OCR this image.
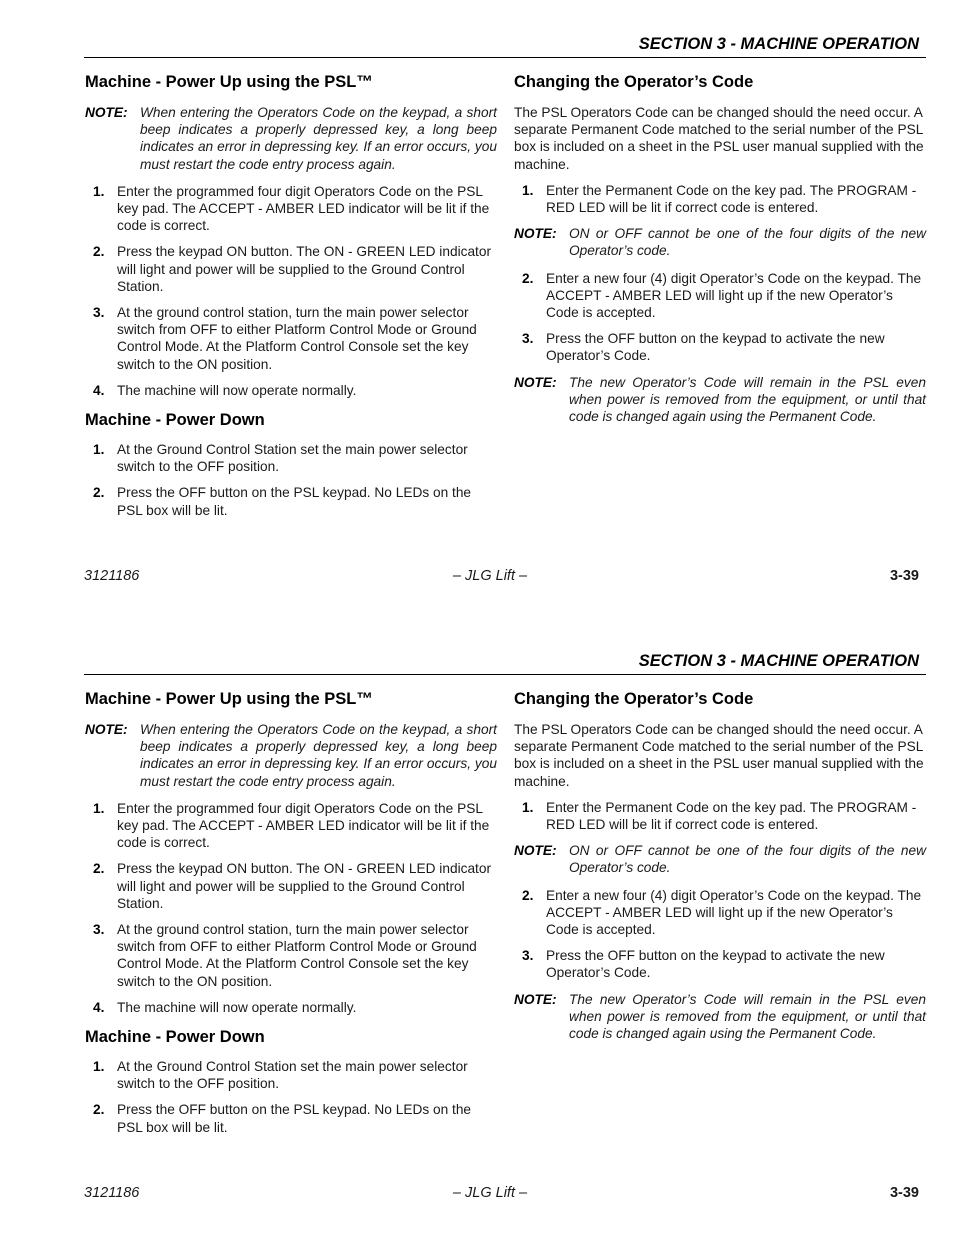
SECTION 3 - MACHINE OPERATION
Machine - Power Up using the PSL™
NOTE: When entering the Operators Code on the keypad, a short beep indicates a properly depressed key, a long beep indicates an error in depressing key. If an error occurs, you must restart the code entry process again.
1. Enter the programmed four digit Operators Code on the PSL key pad. The ACCEPT - AMBER LED indicator will be lit if the code is correct.
2. Press the keypad ON button. The ON - GREEN LED indicator will light and power will be supplied to the Ground Control Station.
3. At the ground control station, turn the main power selector switch from OFF to either Platform Control Mode or Ground Control Mode. At the Platform Control Console set the key switch to the ON position.
4. The machine will now operate normally.
Machine - Power Down
1. At the Ground Control Station set the main power selector switch to the OFF position.
2. Press the OFF button on the PSL keypad. No LEDs on the PSL box will be lit.
Changing the Operator’s Code

The PSL Operators Code can be changed should the need occur. A separate Permanent Code matched to the serial number of the PSL box is included on a sheet in the PSL user manual supplied with the machine.

1. Enter the Permanent Code on the key pad. The PROGRAM - RED LED will be lit if correct code is entered.
NOTE: ON or OFF cannot be one of the four digits of the new Operator’s code.
2. Enter a new four (4) digit Operator’s Code on the keypad. The ACCEPT - AMBER LED will light up if the new Operator’s Code is accepted.
3. Press the OFF button on the keypad to activate the new Operator’s Code.
NOTE: The new Operator’s Code will remain in the PSL even when power is removed from the equipment, or until that code is changed again using the Permanent Code.
3121186	– JLG Lift –	3-39
SECTION 3 - MACHINE OPERATION
Machine - Power Up using the PSL™
NOTE: When entering the Operators Code on the keypad, a short beep indicates a properly depressed key, a long beep indicates an error in depressing key. If an error occurs, you must restart the code entry process again.
1. Enter the programmed four digit Operators Code on the PSL key pad. The ACCEPT - AMBER LED indicator will be lit if the code is correct.
2. Press the keypad ON button. The ON - GREEN LED indicator will light and power will be supplied to the Ground Control Station.
3. At the ground control station, turn the main power selector switch from OFF to either Platform Control Mode or Ground Control Mode. At the Platform Control Console set the key switch to the ON position.
4. The machine will now operate normally.
Machine - Power Down
1. At the Ground Control Station set the main power selector switch to the OFF position.
2. Press the OFF button on the PSL keypad. No LEDs on the PSL box will be lit.
Changing the Operator’s Code

The PSL Operators Code can be changed should the need occur. A separate Permanent Code matched to the serial number of the PSL box is included on a sheet in the PSL user manual supplied with the machine.

1. Enter the Permanent Code on the key pad. The PROGRAM - RED LED will be lit if correct code is entered.
NOTE: ON or OFF cannot be one of the four digits of the new Operator’s code.
2. Enter a new four (4) digit Operator’s Code on the keypad. The ACCEPT - AMBER LED will light up if the new Operator’s Code is accepted.
3. Press the OFF button on the keypad to activate the new Operator’s Code.
NOTE: The new Operator’s Code will remain in the PSL even when power is removed from the equipment, or until that code is changed again using the Permanent Code.
3121186	– JLG Lift –	3-39
